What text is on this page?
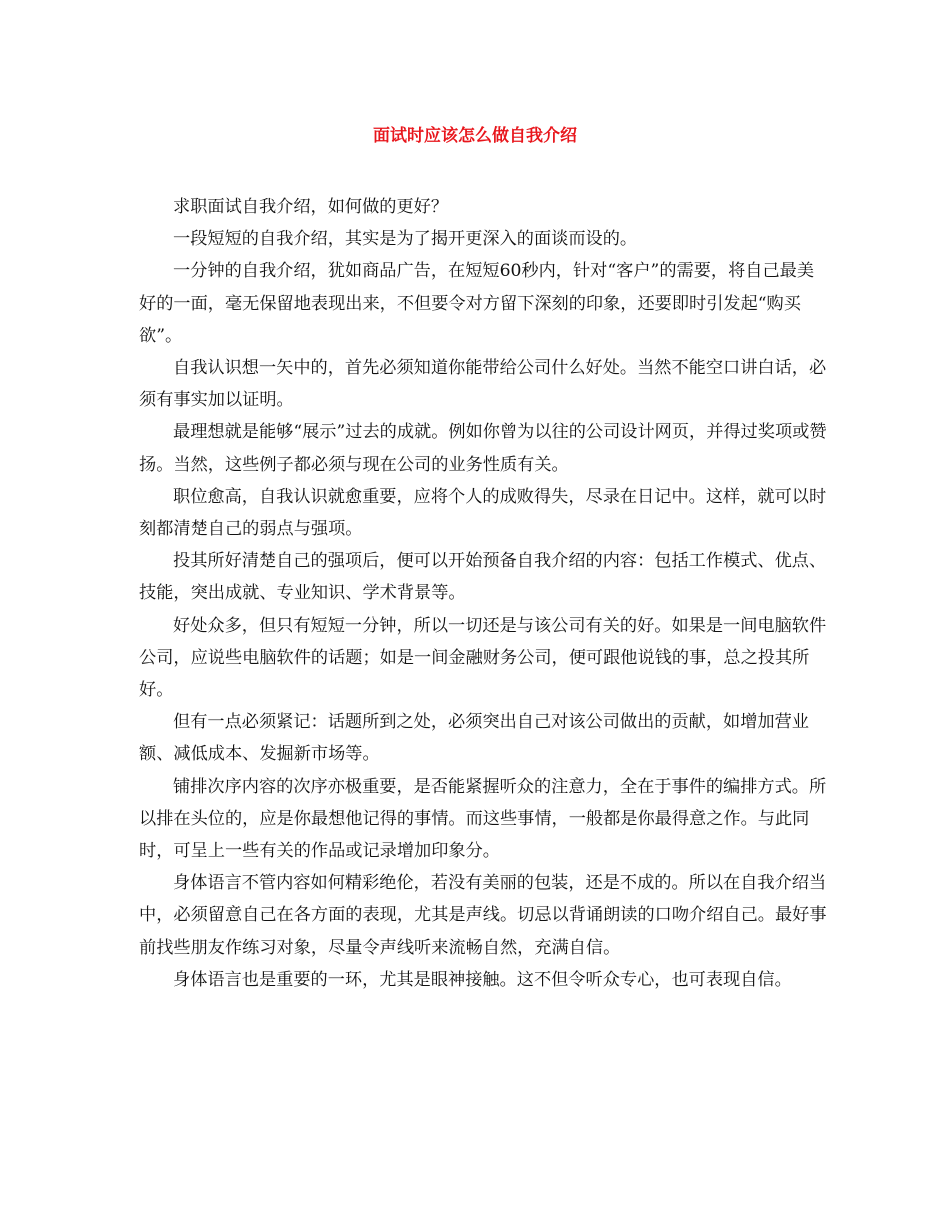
面试时应该怎么做自我介绍

求职面试自我介绍，如何做的更好？

一段短短的自我介绍，其实是为了揭开更深入的面谈而设的。

一分钟的自我介绍，犹如商品广告，在短短60秒内，针对“客户”的需要，将自己最美好的一面，毫无保留地表现出来，不但要令对方留下深刻的印象，还要即时引发起“购买欲”。

自我认识想一矢中的，首先必须知道你能带给公司什么好处。当然不能空口讲白话，必须有事实加以证明。

最理想就是能够“展示”过去的成就。例如你曾为以往的公司设计网页，并得过奖项或赞扬。当然，这些例子都必须与现在公司的业务性质有关。

职位愈高，自我认识就愈重要，应将个人的成败得失，尽录在日记中。这样，就可以时刻都清楚自己的弱点与强项。

投其所好清楚自己的强项后，便可以开始预备自我介绍的内容：包括工作模式、优点、技能，突出成就、专业知识、学术背景等。

好处众多，但只有短短一分钟，所以一切还是与该公司有关的好。如果是一间电脑软件公司，应说些电脑软件的话题；如是一间金融财务公司，便可跟他说钱的事，总之投其所好。

但有一点必须紧记：话题所到之处，必须突出自己对该公司做出的贡献，如增加营业额、减低成本、发掘新市场等。

铺排次序内容的次序亦极重要，是否能紧握听众的注意力，全在于事件的编排方式。所以排在头位的，应是你最想他记得的事情。而这些事情，一般都是你最得意之作。与此同时，可呈上一些有关的作品或记录增加印象分。

身体语言不管内容如何精彩绝伦，若没有美丽的包装，还是不成的。所以在自我介绍当中，必须留意自己在各方面的表现，尤其是声线。切忌以背诵朗读的口吻介绍自己。最好事前找些朋友作练习对象，尽量令声线听来流畅自然，充满自信。

身体语言也是重要的一环，尤其是眼神接触。这不但令听众专心，也可表现自信。
